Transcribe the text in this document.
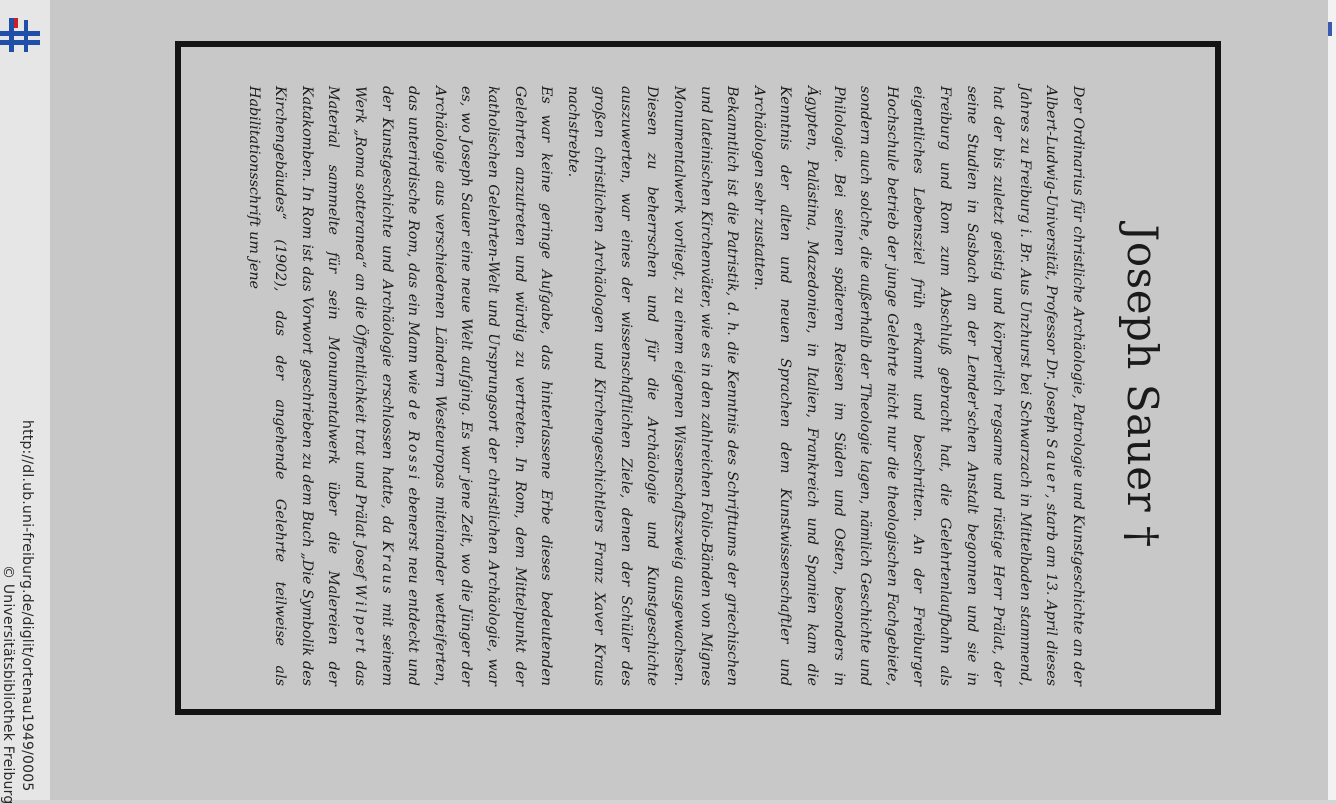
http://dl.ub.uni-freiburg.de/diglit/ortenau1949/0005
© Universitätsbibliothek Freiburg
Joseph Sauer †

Der Ordinarius für christliche Archäologie, Patrologie und Kunstgeschichte an der Albert-Ludwig-Universität, Professor Dr. Joseph Sauer, starb am 13. April dieses Jahres zu Freiburg i. Br. Aus Unzhurst bei Schwarzach in Mittelbaden stammend, hat der bis zuletzt geistig und körperlich regsame und rüstige Herr Prälat, der seine Studien in Sasbach an der Lender'schen Anstalt begonnen und sie in Freiburg und Rom zum Abschluß gebracht hat, die Gelehrtenlaufbahn als eigentliches Lebensziel früh erkannt und beschritten. An der Freiburger Hochschule betrieb der junge Gelehrte nicht nur die theologischen Fachgebiete, sondern auch solche, die außerhalb der Theologie lagen, nämlich Geschichte und Philologie. Bei seinen späteren Reisen im Süden und Osten, besonders in Ägypten, Palästina, Mazedonien, in Italien, Frankreich und Spanien kam die Kenntnis der alten und neuen Sprachen dem Kunstwissenschaftler und Archäologen sehr zustatten.

Bekanntlich ist die Patristik, d. h. die Kenntnis des Schrifttums der griechischen und lateinischen Kirchenväter, wie es in den zahlreichen Folio-Bänden von Mignes Monumentalwerk vorliegt, zu einem eigenen Wissenschaftszweig ausgewachsen. Diesen zu beherrschen und für die Archäologie und Kunstgeschichte auszuwerten, war eines der wissenschaftlichen Ziele, denen der Schüler des großen christlichen Archäologen und Kirchengeschichtlers Franz Xaver Kraus nachstrebte.

Es war keine geringe Aufgabe, das hinterlassene Erbe dieses bedeutenden Gelehrten anzutreten und würdig zu vertreten. In Rom, dem Mittelpunkt der katholischen Gelehrten-Welt und Ursprungsort der christlichen Archäologie, war es, wo Joseph Sauer eine neue Welt aufging. Es war jene Zeit, wo die Jünger der Archäologie aus verschiedenen Ländern Westeuropas miteinander wetteiferten, das unterirdische Rom, das ein Mann wie de Rossi ebenerst neu entdeckt und der Kunstgeschichte und Archäologie erschlossen hatte, da Kraus mit seinem Werk „Roma sotteranea“ an die Öffentlichkeit trat und Prälat Josef Wilpert das Material sammelte für sein Monumentalwerk über die Malereien der Katakomben. In Rom ist das Vorwort geschrieben zu dem Buch „Die Symbolik des Kirchengebäudes“ (1902), das der angehende Gelehrte teilweise als Habilitationsschrift um jene
